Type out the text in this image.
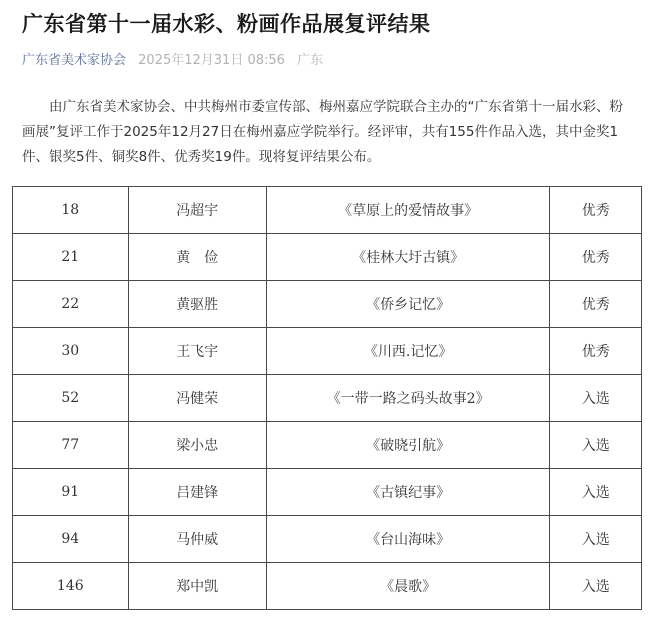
广东省第十一届水彩、粉画作品展复评结果
广东省美术家协会 2025年12月31日 08:56 广东

由广东省美术家协会、中共梅州市委宣传部、梅州嘉应学院联合主办的“广东省第十一届水彩、粉画展”复评工作于2025年12月27日在梅州嘉应学院举行。经评审，共有155件作品入选，其中金奖1件、银奖5件、铜奖8件、优秀奖19件。现将复评结果公布。

18	冯超宇	《草原上的爱情故事》	优秀
21	黄　俭	《桂林大圩古镇》	优秀
22	黄驱胜	《侨乡记忆》	优秀
30	王飞宇	《川西.记忆》	优秀
52	冯健荣	《一带一路之码头故事2》	入选
77	梁小忠	《破晓引航》	入选
91	吕建锋	《古镇纪事》	入选
94	马仲威	《台山海味》	入选
146	郑中凯	《晨歌》	入选
